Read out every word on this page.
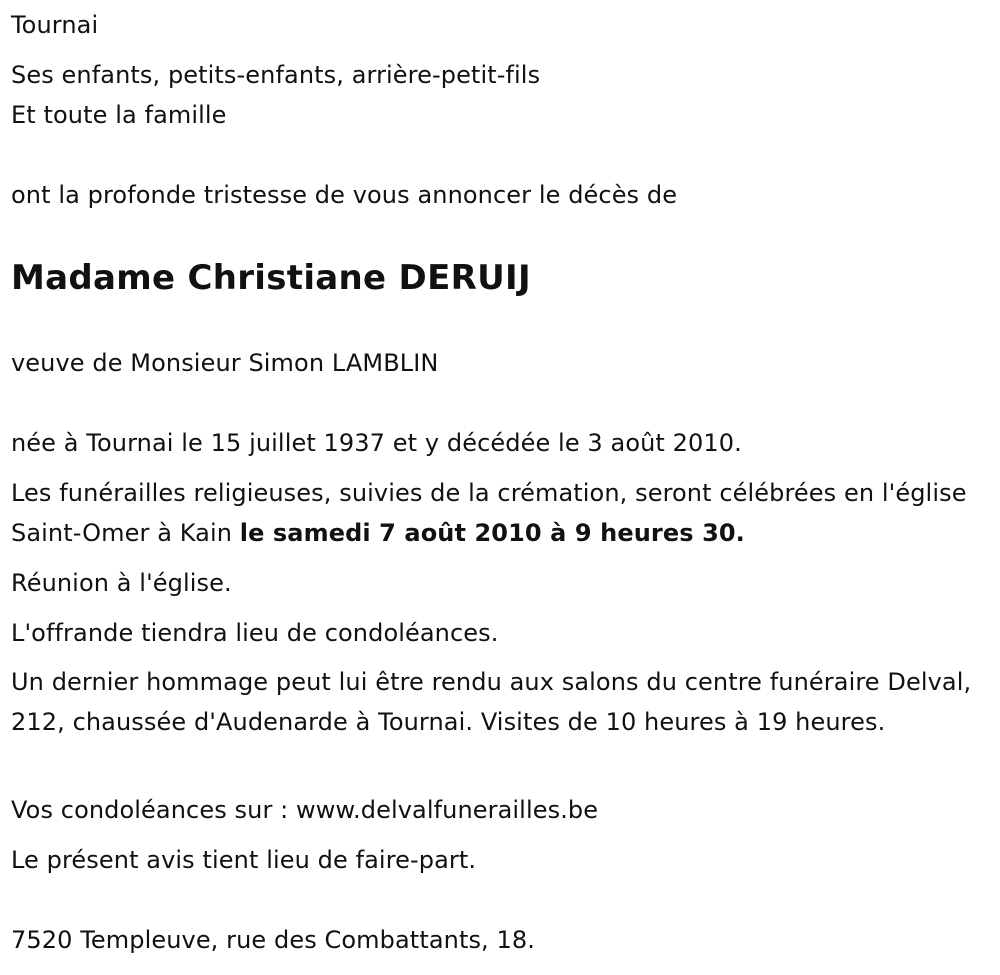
Tournai
Ses enfants, petits-enfants, arrière-petit-fils
Et toute la famille
ont la profonde tristesse de vous annoncer le décès de
Madame Christiane DERUIJ
veuve de Monsieur Simon LAMBLIN
née à Tournai le 15 juillet 1937 et y décédée le 3 août 2010.
Les funérailles religieuses, suivies de la crémation, seront célébrées en l'église Saint-Omer à Kain le samedi 7 août 2010 à 9 heures 30.
Réunion à l'église.
L'offrande tiendra lieu de condoléances.
Un dernier hommage peut lui être rendu aux salons du centre funéraire Delval, 212, chaussée d'Audenarde à Tournai. Visites de 10 heures à 19 heures.
Vos condoléances sur : www.delvalfunerailles.be
Le présent avis tient lieu de faire-part.
7520 Templeuve, rue des Combattants, 18.
